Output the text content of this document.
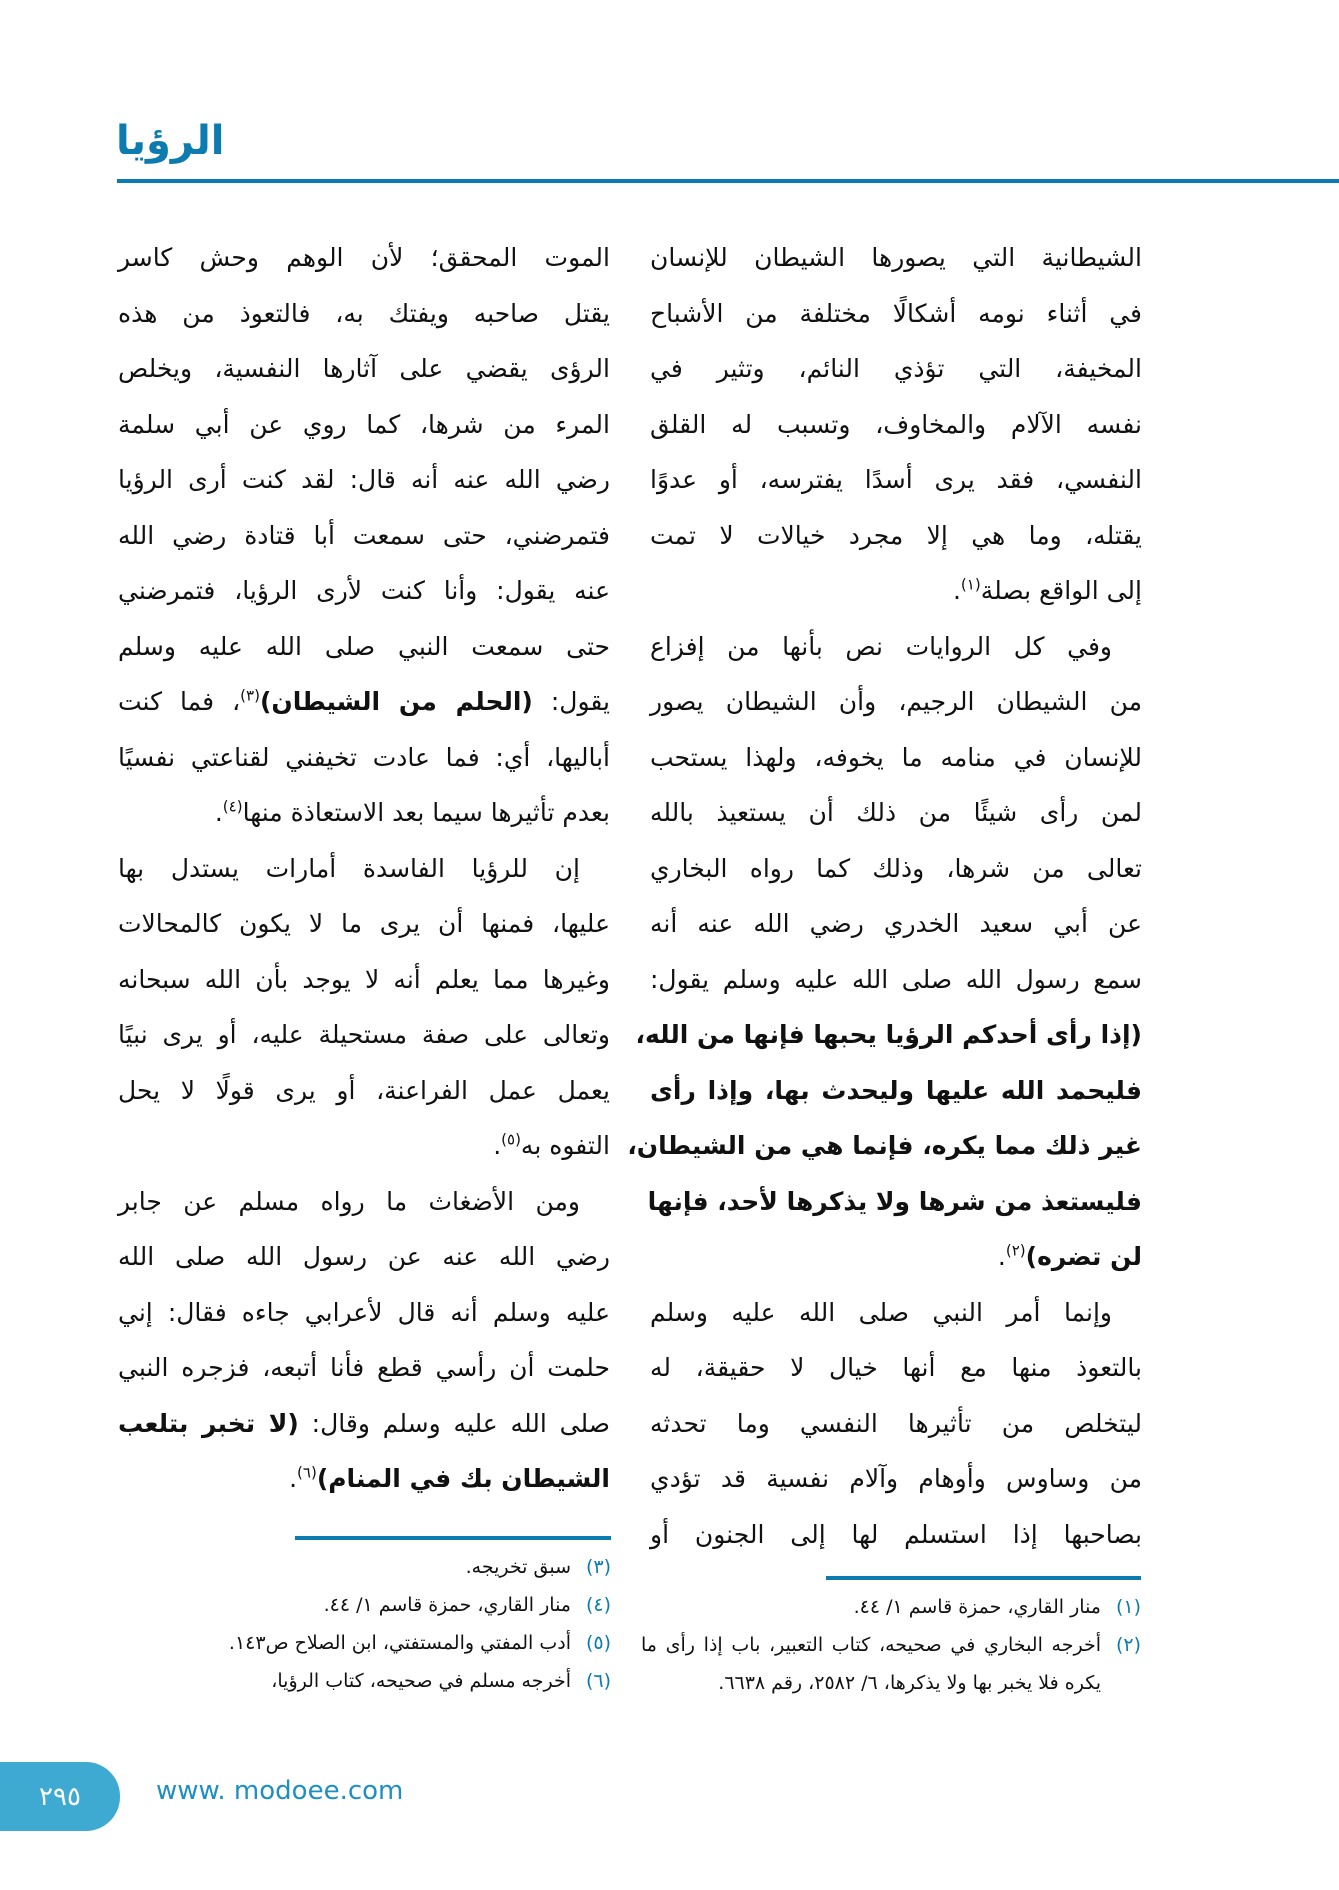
الرؤيا
الشيطانية التي يصورها الشيطان للإنسان
في أثناء نومه أشكالًا مختلفة من الأشباح
المخيفة، التي تؤذي النائم، وتثير في
نفسه الآلام والمخاوف، وتسبب له القلق
النفسي، فقد يرى أسدًا يفترسه، أو عدوًا
يقتله، وما هي إلا مجرد خيالات لا تمت
إلى الواقع بصلة$^{(١)}$.
وفي كل الروايات نص بأنها من إفزاع
من الشيطان الرجيم، وأن الشيطان يصور
للإنسان في منامه ما يخوفه، ولهذا يستحب
لمن رأى شيئًا من ذلك أن يستعيذ بالله
تعالى من شرها، وذلك كما رواه البخاري
عن أبي سعيد الخدري رضي الله عنه أنه
سمع رسول الله صلى الله عليه وسلم يقول:
(إذا رأى أحدكم الرؤيا يحبها فإنها من الله،
فليحمد الله عليها وليحدث بها، وإذا رأى
غير ذلك مما يكره، فإنما هي من الشيطان،
فليستعذ من شرها ولا يذكرها لأحد، فإنها
لن تضره)$^{(٢)}$.
وإنما أمر النبي صلى الله عليه وسلم
بالتعوذ منها مع أنها خيال لا حقيقة، له
ليتخلص من تأثيرها النفسي وما تحدثه
من وساوس وأوهام وآلام نفسية قد تؤدي
بصاحبها إذا استسلم لها إلى الجنون أو
الموت المحقق؛ لأن الوهم وحش كاسر
يقتل صاحبه ويفتك به، فالتعوذ من هذه
الرؤى يقضي على آثارها النفسية، ويخلص
المرء من شرها، كما روي عن أبي سلمة
رضي الله عنه أنه قال: لقد كنت أرى الرؤيا
فتمرضني، حتى سمعت أبا قتادة رضي الله
عنه يقول: وأنا كنت لأرى الرؤيا، فتمرضني
حتى سمعت النبي صلى الله عليه وسلم
يقول: (الحلم من الشيطان)$^{(٣)}$، فما كنت
أباليها، أي: فما عادت تخيفني لقناعتي نفسيًا
بعدم تأثيرها سيما بعد الاستعاذة منها$^{(٤)}$.
إن للرؤيا الفاسدة أمارات يستدل بها
عليها، فمنها أن يرى ما لا يكون كالمحالات
وغيرها مما يعلم أنه لا يوجد بأن الله سبحانه
وتعالى على صفة مستحيلة عليه، أو يرى نبيًا
يعمل عمل الفراعنة، أو يرى قولًا لا يحل
التفوه به$^{(٥)}$.
ومن الأضغاث ما رواه مسلم عن جابر
رضي الله عنه عن رسول الله صلى الله
عليه وسلم أنه قال لأعرابي جاءه فقال: إني
حلمت أن رأسي قطع فأنا أتبعه، فزجره النبي
صلى الله عليه وسلم وقال: (لا تخبر بتلعب
الشيطان بك في المنام)$^{(٦)}$.
(١)
منار القاري، حمزة قاسم ١/ ٤٤.
(٢)
أخرجه البخاري في صحيحه، كتاب التعبير، باب إذا رأى ما يكره فلا يخبر بها ولا يذكرها، ٦/ ٢٥٨٢، رقم ٦٦٣٨.
(٣)
سبق تخريجه.
(٤)
منار القاري، حمزة قاسم ١/ ٤٤.
(٥)
أدب المفتي والمستفتي، ابن الصلاح ص١٤٣.
(٦)
أخرجه مسلم في صحيحه، كتاب الرؤيا،
٢٩٥	www. modoee.com
